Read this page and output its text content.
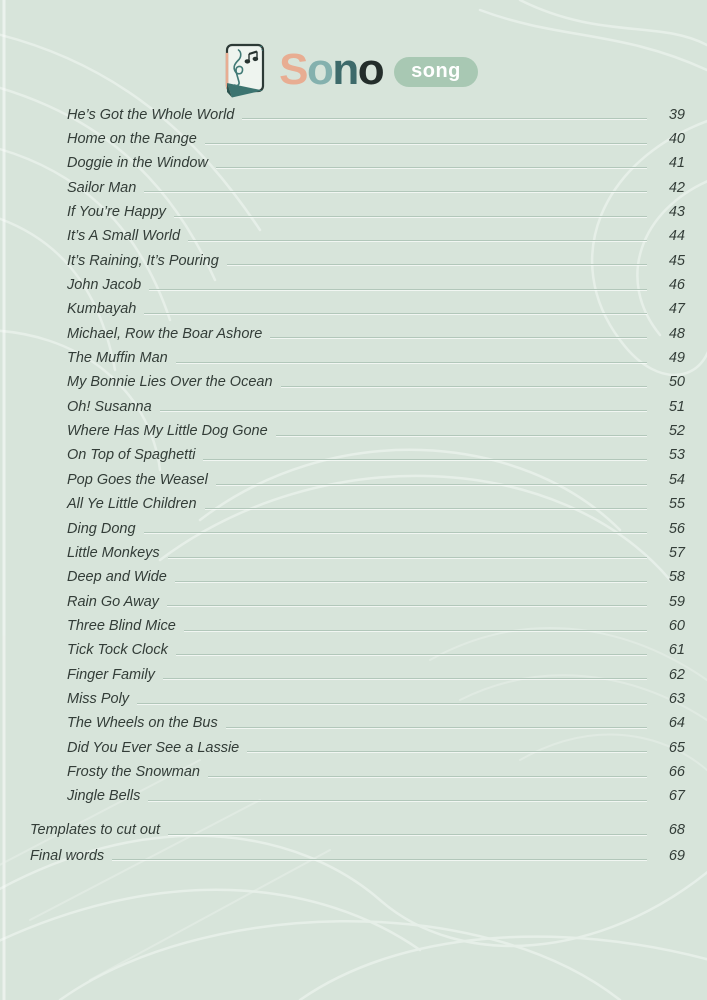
Sono	song
He’s Got the Whole World	39
Home on the Range	40
Doggie in the Window	41
Sailor Man	42
If You’re Happy	43
It’s A Small World	44
It’s Raining, It’s Pouring	45
John Jacob	46
Kumbayah	47
Michael, Row the Boar Ashore	48
The Muffin Man	49
My Bonnie Lies Over the Ocean	50
Oh! Susanna	51
Where Has My Little Dog Gone	52
On Top of Spaghetti	53
Pop Goes the Weasel	54
All Ye Little Children	55
Ding Dong	56
Little Monkeys	57
Deep and Wide	58
Rain Go Away	59
Three Blind Mice	60
Tick Tock Clock	61
Finger Family	62
Miss Poly	63
The Wheels on the Bus	64
Did You Ever See a Lassie	65
Frosty the Snowman	66
Jingle Bells	67
Templates to cut out	68
Final words	69
